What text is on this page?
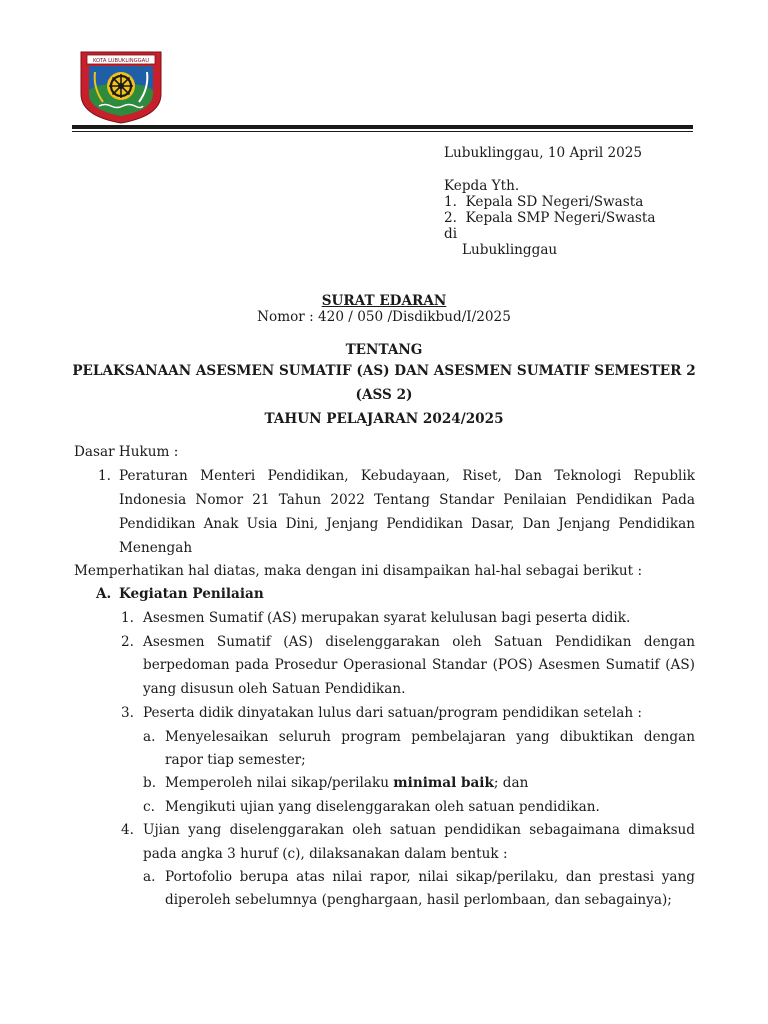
KOTA LUBUKLINGGAU
Lubuklinggau, 10 April 2025
Kepda Yth.
1. Kepala SD Negeri/Swasta
2. Kepala SMP Negeri/Swasta
di
Lubuklinggau
SURAT EDARAN
Nomor : 420 / 050 /Disdikbud/I/2025
TENTANG
PELAKSANAAN ASESMEN SUMATIF (AS) DAN ASESMEN SUMATIF SEMESTER 2
(ASS 2)
TAHUN PELAJARAN 2024/2025
Dasar Hukum :
1. Peraturan Menteri Pendidikan, Kebudayaan, Riset, Dan Teknologi Republik
Indonesia Nomor 21 Tahun 2022 Tentang Standar Penilaian Pendidikan Pada
Pendidikan Anak Usia Dini, Jenjang Pendidikan Dasar, Dan Jenjang Pendidikan
Menengah
Memperhatikan hal diatas, maka dengan ini disampaikan hal-hal sebagai berikut :
A. Kegiatan Penilaian
1. Asesmen Sumatif (AS) merupakan syarat kelulusan bagi peserta didik.
2. Asesmen Sumatif (AS) diselenggarakan oleh Satuan Pendidikan dengan
berpedoman pada Prosedur Operasional Standar (POS) Asesmen Sumatif (AS)
yang disusun oleh Satuan Pendidikan.
3. Peserta didik dinyatakan lulus dari satuan/program pendidikan setelah :
a. Menyelesaikan seluruh program pembelajaran yang dibuktikan dengan
rapor tiap semester;
b. Memperoleh nilai sikap/perilaku minimal baik; dan
c. Mengikuti ujian yang diselenggarakan oleh satuan pendidikan.
4. Ujian yang diselenggarakan oleh satuan pendidikan sebagaimana dimaksud
pada angka 3 huruf (c), dilaksanakan dalam bentuk :
a. Portofolio berupa atas nilai rapor, nilai sikap/perilaku, dan prestasi yang
diperoleh sebelumnya (penghargaan, hasil perlombaan, dan sebagainya);
